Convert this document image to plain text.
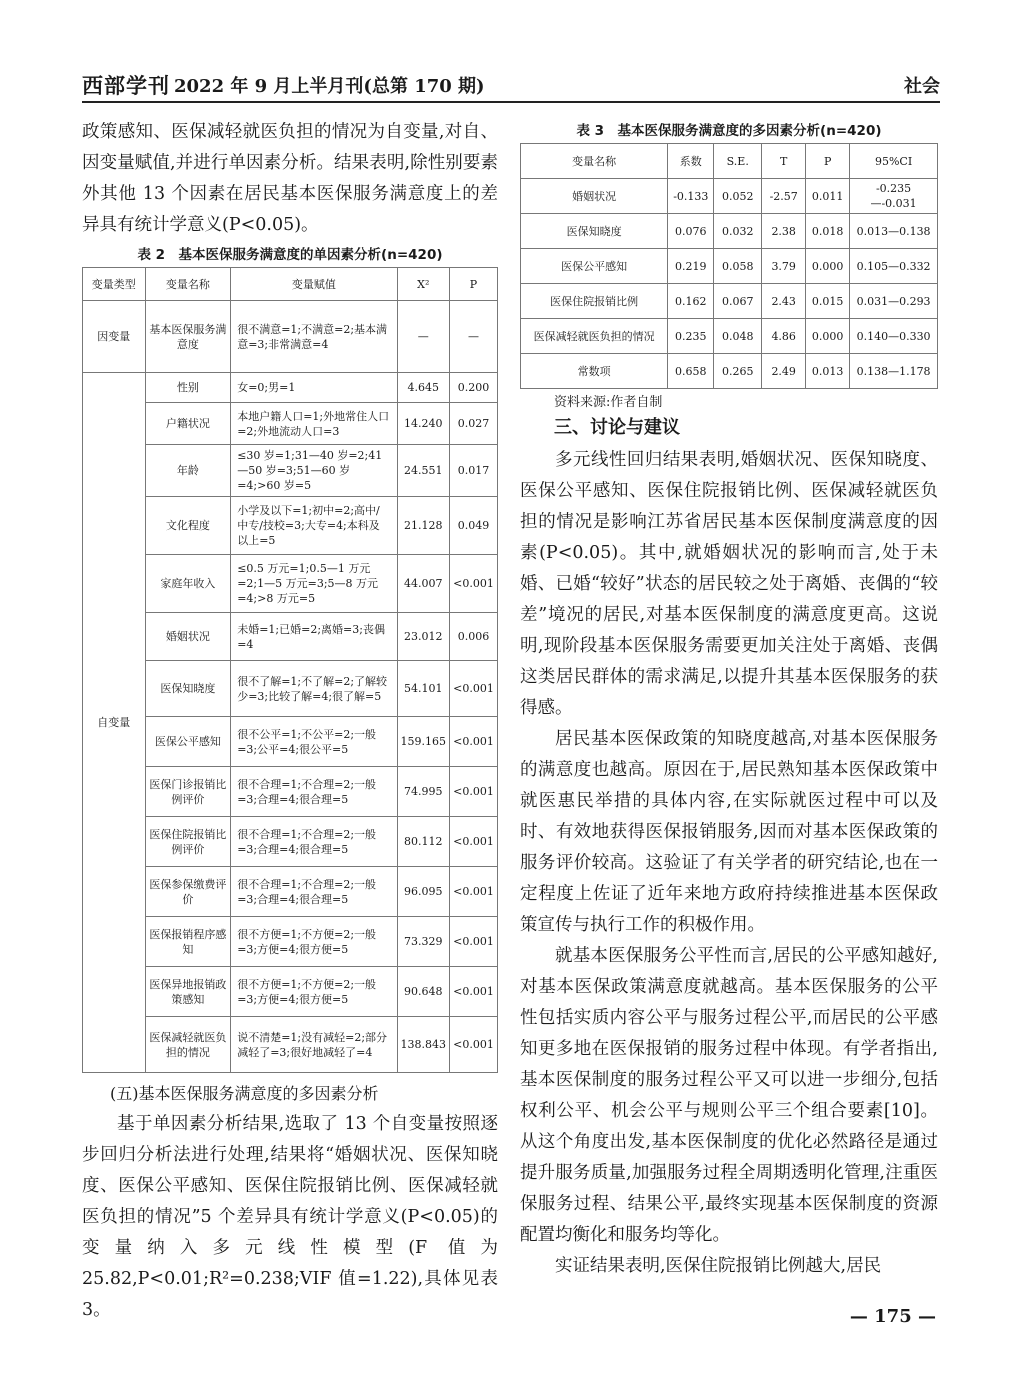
西部学刊 2022 年 9 月上半月刊(总第 170 期)	社会

政策感知、医保减轻就医负担的情况为自变量,对自、因变量赋值,并进行单因素分析。结果表明,除性别要素外其他 13 个因素在居民基本医保服务满意度上的差异具有统计学意义(P<0.05)。

表 2　基本医保服务满意度的单因素分析(n=420)
变量类型	变量名称	变量赋值	X²	P
因变量	基本医保服务满意度	很不满意=1;不满意=2;基本满意=3;非常满意=4	—	—
自变量	性别	女=0;男=1	4.645	0.200
	户籍状况	本地户籍人口=1;外地常住人口=2;外地流动人口=3	14.240	0.027
	年龄	≤30 岁=1;31—40 岁=2;41—50 岁=3;51—60 岁=4;>60 岁=5	24.551	0.017
	文化程度	小学及以下=1;初中=2;高中/中专/技校=3;大专=4;本科及以上=5	21.128	0.049
	家庭年收入	≤0.5 万元=1;0.5—1 万元=2;1—5 万元=3;5—8 万元=4;>8 万元=5	44.007	<0.001
	婚姻状况	未婚=1;已婚=2;离婚=3;丧偶=4	23.012	0.006
	医保知晓度	很不了解=1;不了解=2;了解较少=3;比较了解=4;很了解=5	54.101	<0.001
	医保公平感知	很不公平=1;不公平=2;一般=3;公平=4;很公平=5	159.165	<0.001
	医保门诊报销比例评价	很不合理=1;不合理=2;一般=3;合理=4;很合理=5	74.995	<0.001
	医保住院报销比例评价	很不合理=1;不合理=2;一般=3;合理=4;很合理=5	80.112	<0.001
	医保参保缴费评价	很不合理=1;不合理=2;一般=3;合理=4;很合理=5	96.095	<0.001
	医保报销程序感知	很不方便=1;不方便=2;一般=3;方便=4;很方便=5	73.329	<0.001
	医保异地报销政策感知	很不方便=1;不方便=2;一般=3;方便=4;很方便=5	90.648	<0.001
	医保减轻就医负担的情况	说不清楚=1;没有减轻=2;部分减轻了=3;很好地减轻了=4	138.843	<0.001

(五)基本医保服务满意度的多因素分析

基于单因素分析结果,选取了 13 个自变量按照逐步回归分析法进行处理,结果将“婚姻状况、医保知晓度、医保公平感知、医保住院报销比例、医保减轻就医负担的情况”5 个差异具有统计学意义(P<0.05)的变量纳入多元线性模型(F 值为 25.82,P<0.01;R²=0.238;VIF 值=1.22),具体见表 3。

表 3　基本医保服务满意度的多因素分析(n=420)
变量名称	系数	S.E.	T	P	95%CI
婚姻状况	-0.133	0.052	-2.57	0.011	-0.235—-0.031
医保知晓度	0.076	0.032	2.38	0.018	0.013—0.138
医保公平感知	0.219	0.058	3.79	0.000	0.105—0.332
医保住院报销比例	0.162	0.067	2.43	0.015	0.031—0.293
医保减轻就医负担的情况	0.235	0.048	4.86	0.000	0.140—0.330
常数项	0.658	0.265	2.49	0.013	0.138—1.178
资料来源:作者自制

三、讨论与建议

多元线性回归结果表明,婚姻状况、医保知晓度、医保公平感知、医保住院报销比例、医保减轻就医负担的情况是影响江苏省居民基本医保制度满意度的因素(P<0.05)。其中,就婚姻状况的影响而言,处于未婚、已婚“较好”状态的居民较之处于离婚、丧偶的“较差”境况的居民,对基本医保制度的满意度更高。这说明,现阶段基本医保服务需要更加关注处于离婚、丧偶这类居民群体的需求满足,以提升其基本医保服务的获得感。

居民基本医保政策的知晓度越高,对基本医保服务的满意度也越高。原因在于,居民熟知基本医保政策中就医惠民举措的具体内容,在实际就医过程中可以及时、有效地获得医保报销服务,因而对基本医保政策的服务评价较高。这验证了有关学者的研究结论,也在一定程度上佐证了近年来地方政府持续推进基本医保政策宣传与执行工作的积极作用。

就基本医保服务公平性而言,居民的公平感知越好,对基本医保政策满意度就越高。基本医保服务的公平性包括实质内容公平与服务过程公平,而居民的公平感知更多地在医保报销的服务过程中体现。有学者指出,基本医保制度的服务过程公平又可以进一步细分,包括权利公平、机会公平与规则公平三个组合要素[10]。从这个角度出发,基本医保制度的优化必然路径是通过提升服务质量,加强服务过程全周期透明化管理,注重医保服务过程、结果公平,最终实现基本医保制度的资源配置均衡化和服务均等化。

实证结果表明,医保住院报销比例越大,居民

— 175 —
